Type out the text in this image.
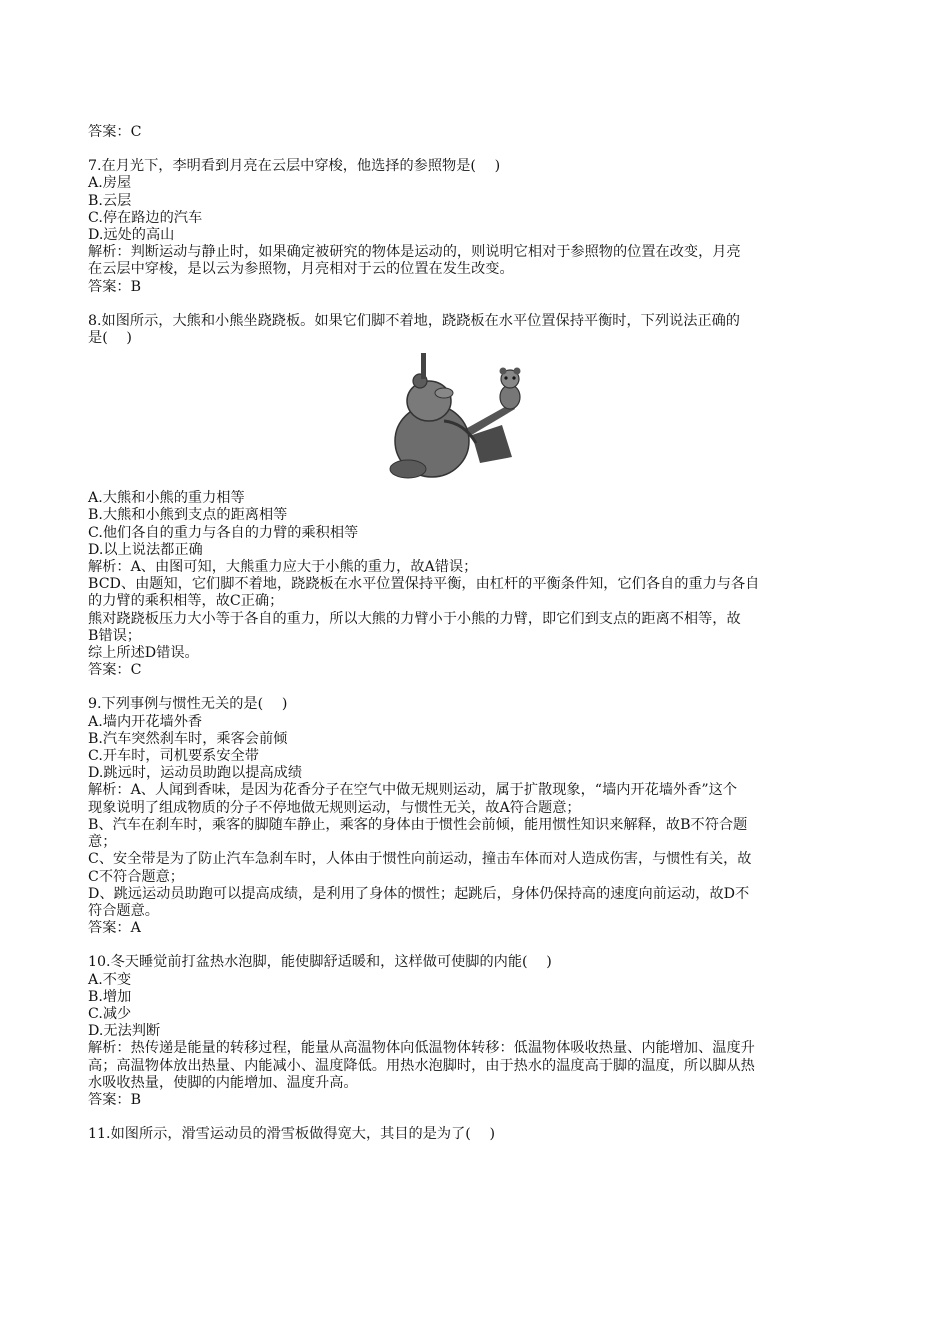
答案：C

7.在月光下，李明看到月亮在云层中穿梭，他选择的参照物是(　 )

A.房屋

B.云层

C.停在路边的汽车

D.远处的高山

解析：判断运动与静止时，如果确定被研究的物体是运动的，则说明它相对于参照物的位置在改变，月亮

在云层中穿梭，是以云为参照物，月亮相对于云的位置在发生改变。

答案：B

8.如图所示，大熊和小熊坐跷跷板。如果它们脚不着地，跷跷板在水平位置保持平衡时，下列说法正确的

是(　 )

A.大熊和小熊的重力相等

B.大熊和小熊到支点的距离相等

C.他们各自的重力与各自的力臂的乘积相等

D.以上说法都正确

解析：A、由图可知，大熊重力应大于小熊的重力，故A错误；

BCD、由题知，它们脚不着地，跷跷板在水平位置保持平衡，由杠杆的平衡条件知，它们各自的重力与各自

的力臂的乘积相等，故C正确；

熊对跷跷板压力大小等于各自的重力，所以大熊的力臂小于小熊的力臂，即它们到支点的距离不相等，故

B错误；

综上所述D错误。

答案：C

9.下列事例与惯性无关的是(　 )

A.墙内开花墙外香

B.汽车突然刹车时，乘客会前倾

C.开车时，司机要系安全带

D.跳远时，运动员助跑以提高成绩

解析：A、人闻到香味，是因为花香分子在空气中做无规则运动，属于扩散现象，“墙内开花墙外香”这个

现象说明了组成物质的分子不停地做无规则运动，与惯性无关，故A符合题意；

B、汽车在刹车时，乘客的脚随车静止，乘客的身体由于惯性会前倾，能用惯性知识来解释，故B不符合题

意；

C、安全带是为了防止汽车急刹车时，人体由于惯性向前运动，撞击车体而对人造成伤害，与惯性有关，故

C不符合题意；

D、跳远运动员助跑可以提高成绩，是利用了身体的惯性；起跳后，身体仍保持高的速度向前运动，故D不

符合题意。

答案：A

10.冬天睡觉前打盆热水泡脚，能使脚舒适暖和，这样做可使脚的内能(　 )

A.不变

B.增加

C.减少

D.无法判断

解析：热传递是能量的转移过程，能量从高温物体向低温物体转移：低温物体吸收热量、内能增加、温度升

高；高温物体放出热量、内能减小、温度降低。用热水泡脚时，由于热水的温度高于脚的温度，所以脚从热

水吸收热量，使脚的内能增加、温度升高。

答案：B

11.如图所示，滑雪运动员的滑雪板做得宽大，其目的是为了(　 )
